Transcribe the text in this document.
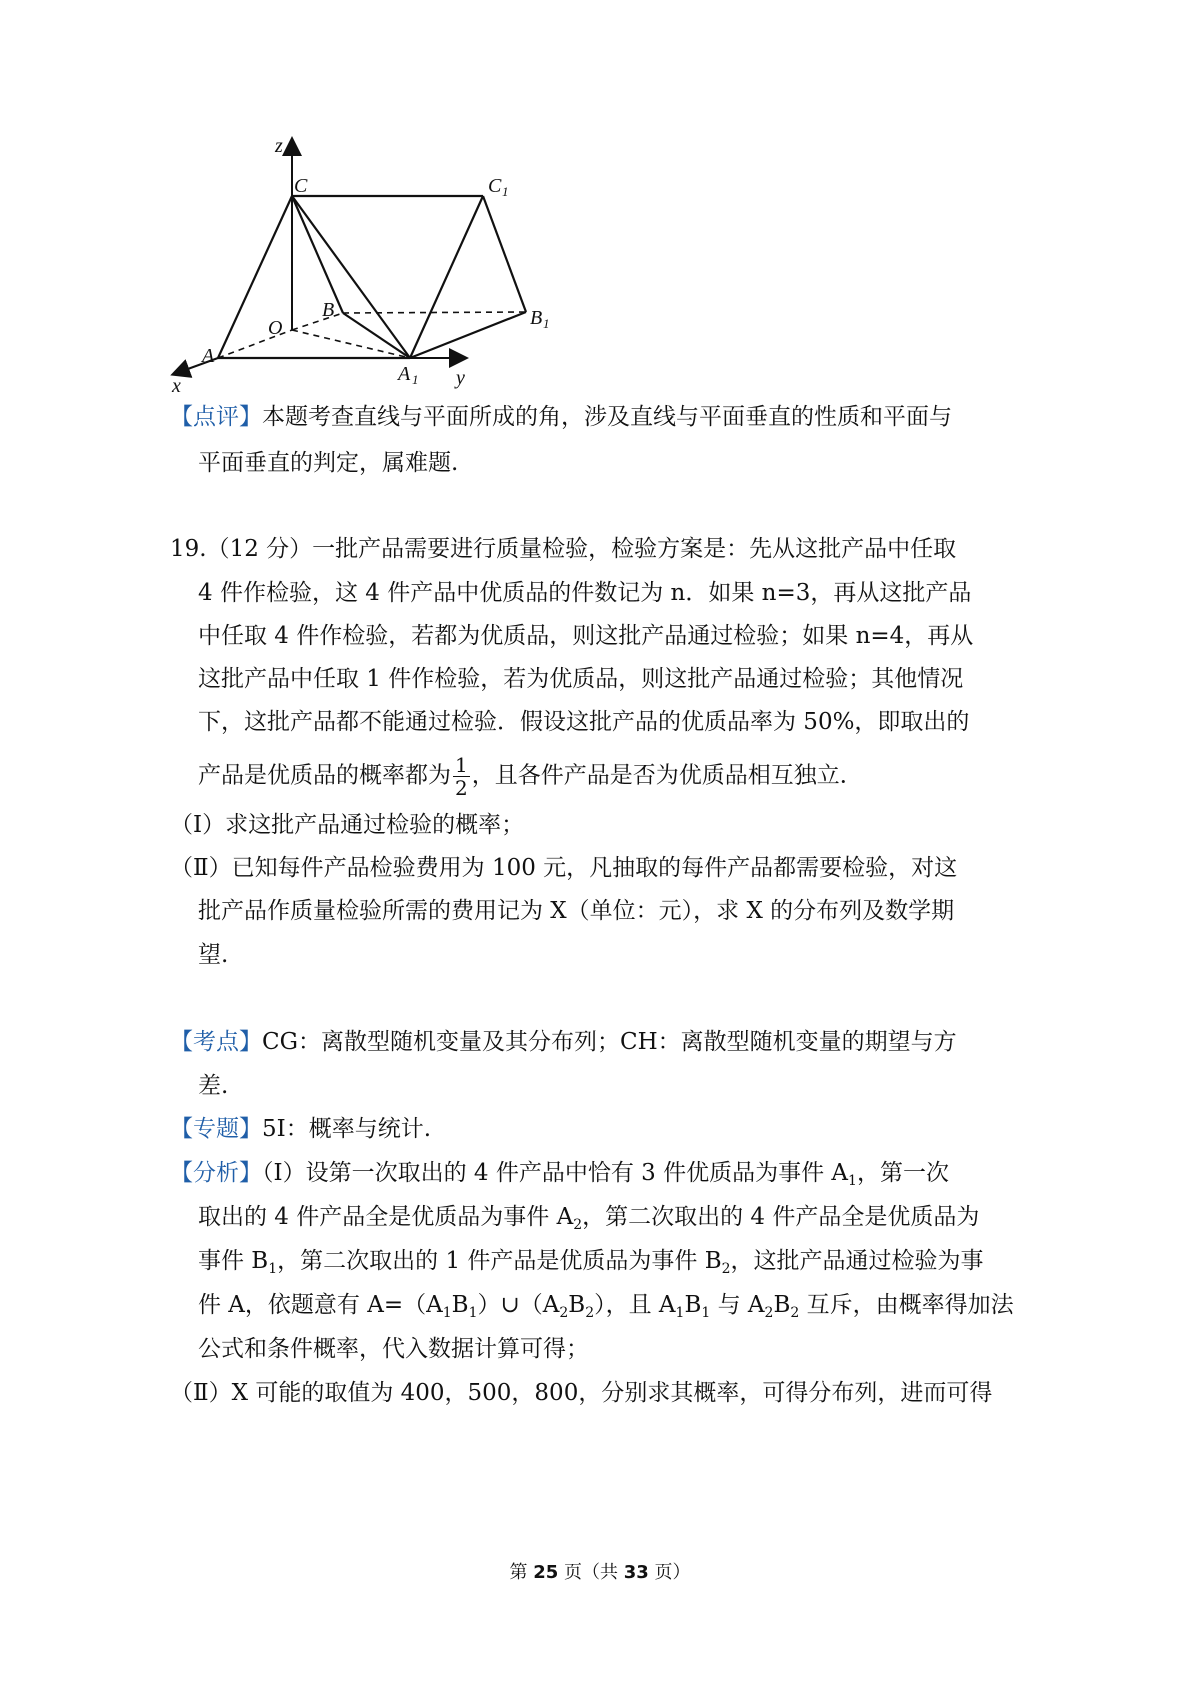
z
C	C 1
B	B 1
O
A
A 1
x	y
【点评】本题考查直线与平面所成的角，涉及直线与平面垂直的性质和平面与
平面垂直的判定，属难题.
19.（12 分）一批产品需要进行质量检验，检验方案是：先从这批产品中任取
4 件作检验，这 4 件产品中优质品的件数记为 n．如果 n=3，再从这批产品
中任取 4 件作检验，若都为优质品，则这批产品通过检验；如果 n=4，再从
这批产品中任取 1 件作检验，若为优质品，则这批产品通过检验；其他情况
下，这批产品都不能通过检验．假设这批产品的优质品率为 50%，即取出的
产品是优质品的概率都为 $\frac{1}{2}$ ，且各件产品是否为优质品相互独立．
（Ⅰ）求这批产品通过检验的概率；
（Ⅱ）已知每件产品检验费用为 100 元，凡抽取的每件产品都需要检验，对这
批产品作质量检验所需的费用记为 X（单位：元），求 X 的分布列及数学期
望.
【考点】CG：离散型随机变量及其分布列；CH：离散型随机变量的期望与方
差.
【专题】5I：概率与统计.
【分析】（Ⅰ）设第一次取出的 4 件产品中恰有 3 件优质品为事件 $A_1$，第一次
取出的 4 件产品全是优质品为事件 $A_2$，第二次取出的 4 件产品全是优质品为
事件 $B_1$，第二次取出的 1 件产品是优质品为事件 $B_2$，这批产品通过检验为事
件 A，依题意有 $A=(A_1B_1)\cup(A_2B_2)$，且 $A_1B_1$ 与 $A_2B_2$ 互斥，由概率得加法
公式和条件概率，代入数据计算可得；
（Ⅱ）X 可能的取值为 400，500，800，分别求其概率，可得分布列，进而可得
第 25 页（共 33 页）
